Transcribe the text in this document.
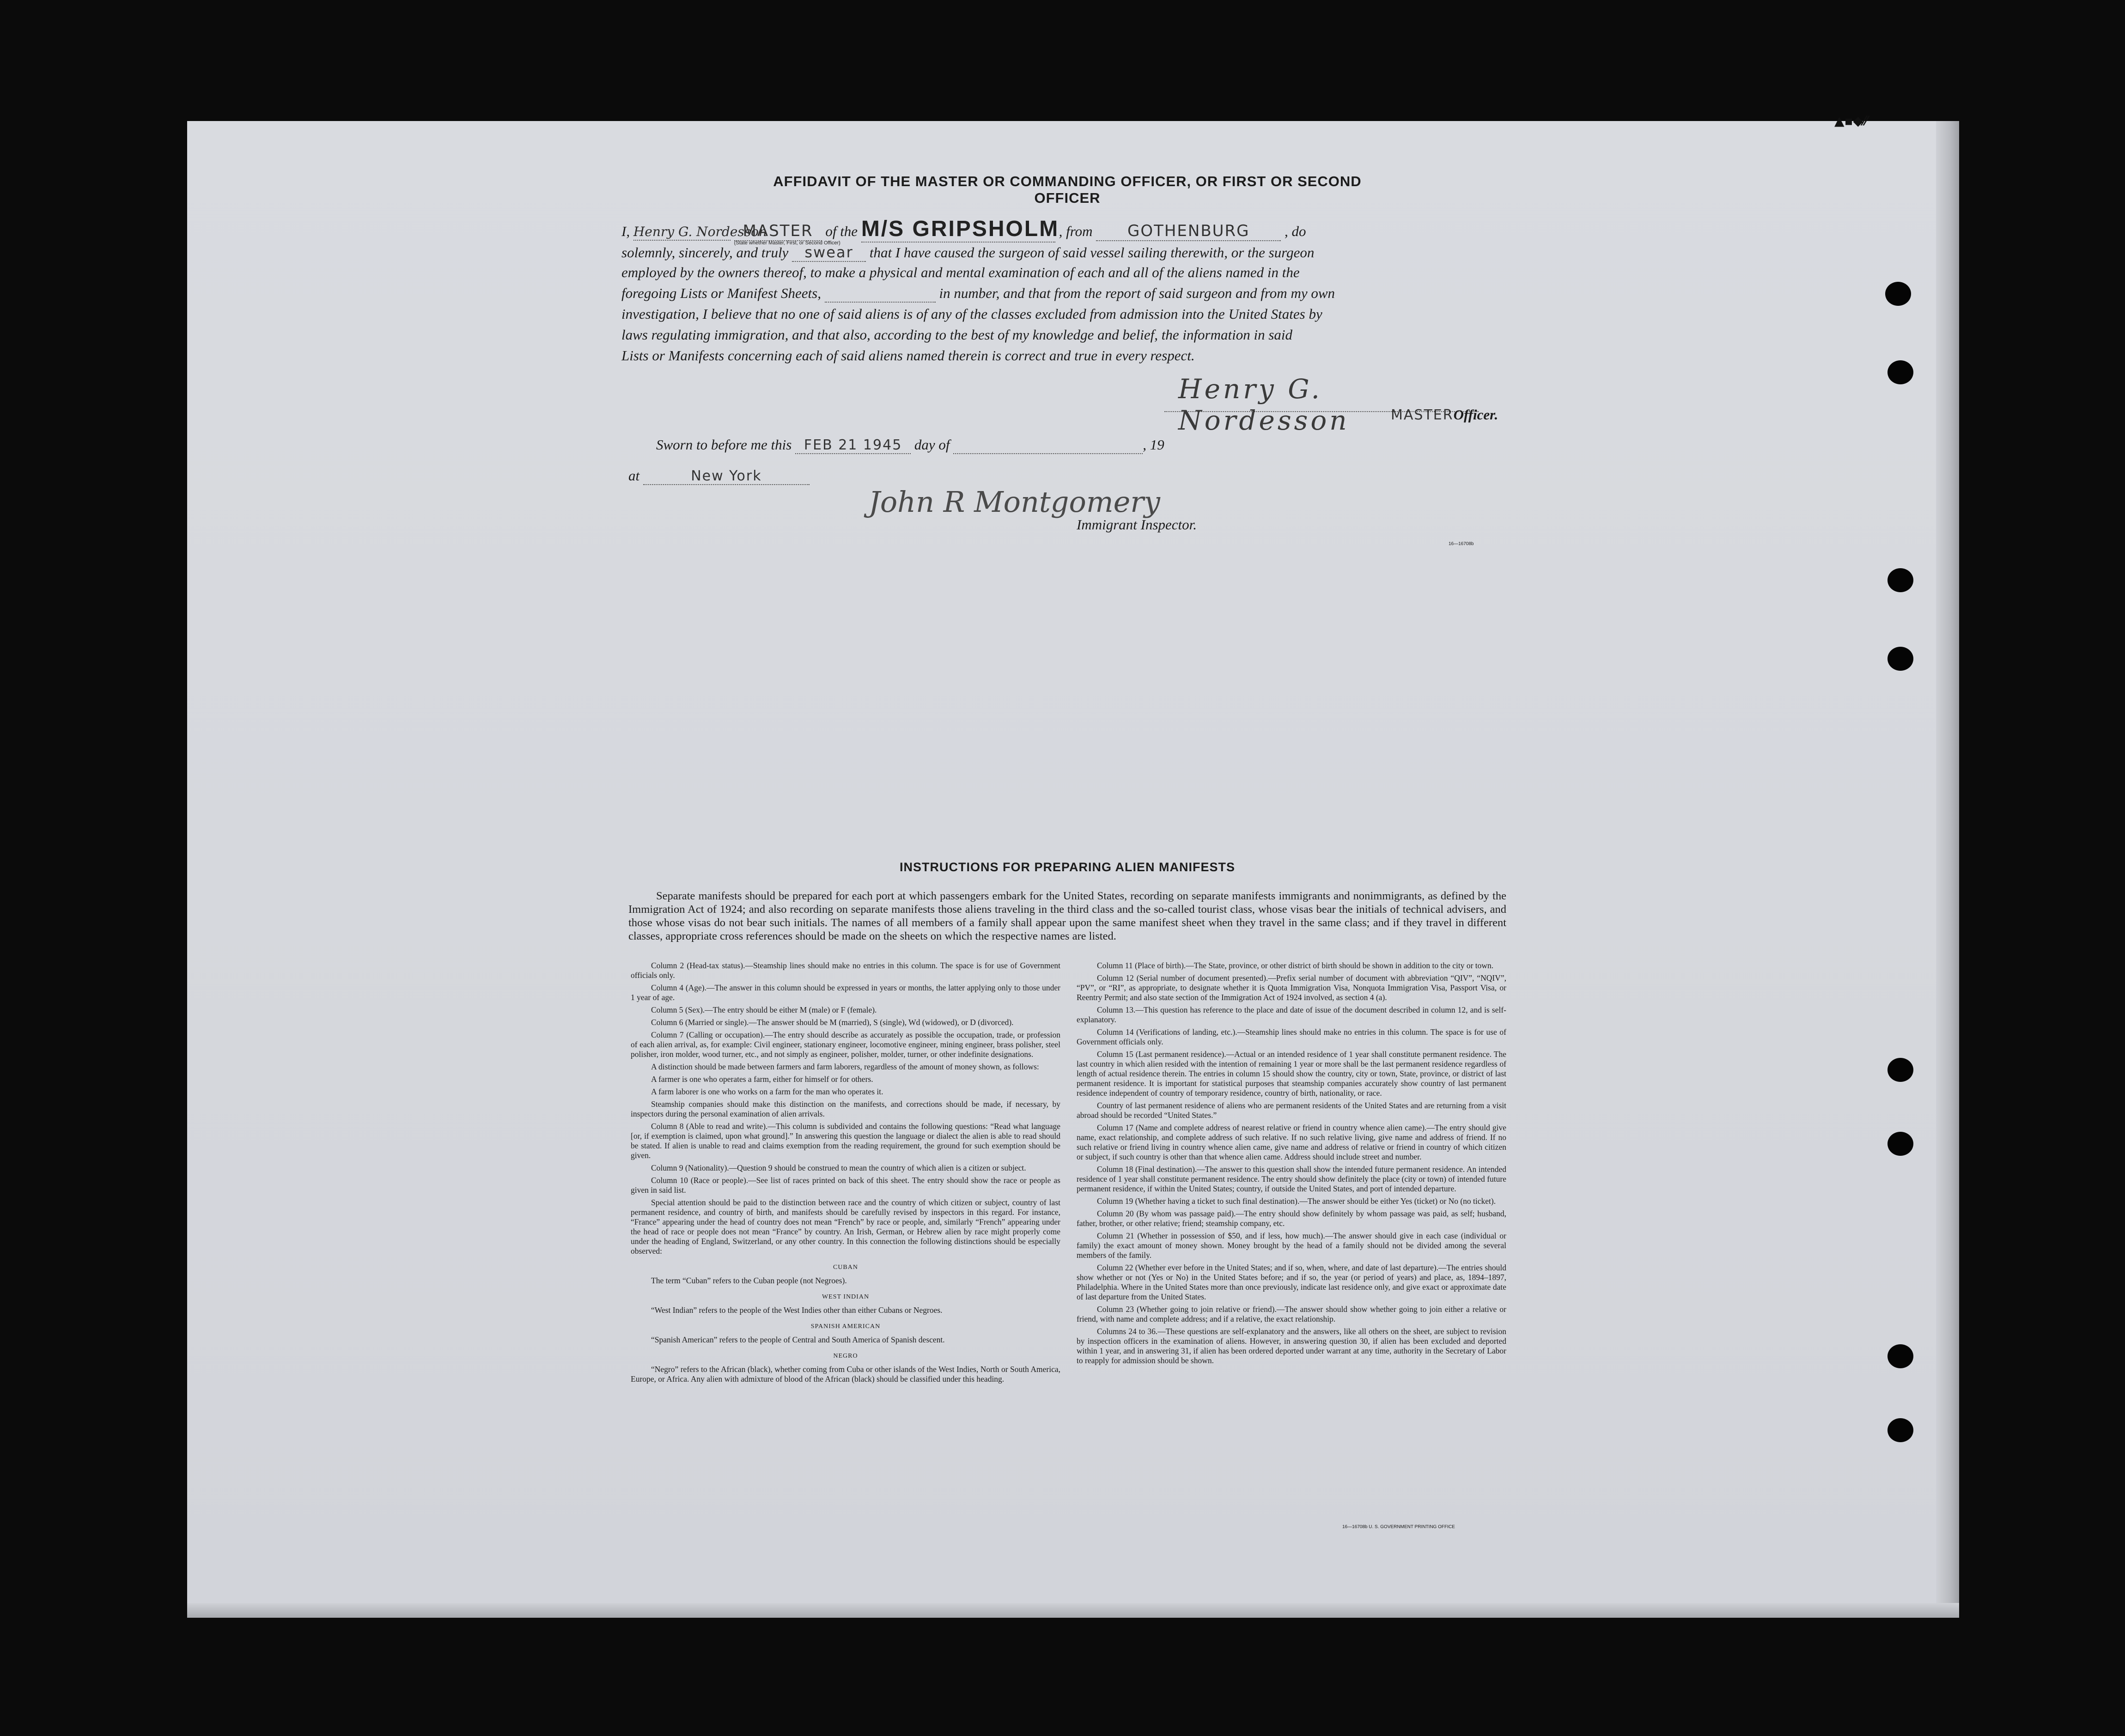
▲▪◆⁄⁄
AFFIDAVIT OF THE MASTER OR COMMANDING OFFICER, OR FIRST OR SECOND OFFICER
I, Henry G. Nordesson MASTER
(State whether Master, First, or Second Officer)
of the M/S GRIPSHOLM , from GOTHENBURG , do
solemnly, sincerely, and truly swear that I have caused the surgeon of said vessel sailing therewith, or the surgeon
employed by the owners thereof, to make a physical and mental examination of each and all of the aliens named in the
foregoing Lists or Manifest Sheets,	in number, and that from the report of said surgeon and from my own
investigation, I believe that no one of said aliens is of any of the classes excluded from admission into the United States by
laws regulating immigration, and that also, according to the best of my knowledge and belief, the information in said
Lists or Manifests concerning each of said aliens named therein is correct and true in every respect.
Henry G. Nordesson	MASTEROfficer.
Sworn to before me this FEB 21 1945 day of	, 19
at	New York
John R Montgomery
Immigrant Inspector.
16—16708b
INSTRUCTIONS FOR PREPARING ALIEN MANIFESTS
Separate manifests should be prepared for each port at which passengers embark for the United States, recording on separate manifests immigrants and nonimmigrants, as defined by the Immigration Act of 1924; and also recording on separate manifests those aliens traveling in the third class and the so-called tourist class, whose visas bear the initials of technical advisers, and those whose visas do not bear such initials. The names of all members of a family shall appear upon the same manifest sheet when they travel in the same class; and if they travel in different classes, appropriate cross references should be made on the sheets on which the respective names are listed.

Column 2 (Head-tax status).—Steamship lines should make no entries in this column. The space is for use of Government officials only.

Column 4 (Age).—The answer in this column should be expressed in years or months, the latter applying only to those under 1 year of age.

Column 5 (Sex).—The entry should be either M (male) or F (female).

Column 6 (Married or single).—The answer should be M (married), S (single), Wd (widowed), or D (divorced).

Column 7 (Calling or occupation).—The entry should describe as accurately as possible the occupation, trade, or profession of each alien arrival, as, for example: Civil engineer, stationary engineer, locomotive engineer, mining engineer, brass polisher, steel polisher, iron molder, wood turner, etc., and not simply as engineer, polisher, molder, turner, or other indefinite designations.

A distinction should be made between farmers and farm laborers, regardless of the amount of money shown, as follows:

A farmer is one who operates a farm, either for himself or for others.

A farm laborer is one who works on a farm for the man who operates it.

Steamship companies should make this distinction on the manifests, and corrections should be made, if necessary, by inspectors during the personal examination of alien arrivals.

Column 8 (Able to read and write).—This column is subdivided and contains the following questions: “Read what language [or, if exemption is claimed, upon what ground].” In answering this question the language or dialect the alien is able to read should be stated. If alien is unable to read and claims exemption from the reading requirement, the ground for such exemption should be given.

Column 9 (Nationality).—Question 9 should be construed to mean the country of which alien is a citizen or subject.

Column 10 (Race or people).—See list of races printed on back of this sheet. The entry should show the race or people as given in said list.

Special attention should be paid to the distinction between race and the country of which citizen or subject, country of last permanent residence, and country of birth, and manifests should be carefully revised by inspectors in this regard. For instance, “France” appearing under the head of country does not mean “French” by race or people, and, similarly “French” appearing under the head of race or people does not mean “France” by country. An Irish, German, or Hebrew alien by race might properly come under the heading of England, Switzerland, or any other country. In this connection the following distinctions should be especially observed:

CUBAN

The term “Cuban” refers to the Cuban people (not Negroes).

WEST INDIAN

“West Indian” refers to the people of the West Indies other than either Cubans or Negroes.

SPANISH AMERICAN

“Spanish American” refers to the people of Central and South America of Spanish descent.

NEGRO

“Negro” refers to the African (black), whether coming from Cuba or other islands of the West Indies, North or South America, Europe, or Africa. Any alien with admixture of blood of the African (black) should be classified under this heading.

Column 11 (Place of birth).—The State, province, or other district of birth should be shown in addition to the city or town.

Column 12 (Serial number of document presented).—Prefix serial number of document with abbreviation “QIV”, “NQIV”, “PV”, or “RI”, as appropriate, to designate whether it is Quota Immigration Visa, Nonquota Immigration Visa, Passport Visa, or Reentry Permit; and also state section of the Immigration Act of 1924 involved, as section 4 (a).

Column 13.—This question has reference to the place and date of issue of the document described in column 12, and is self-explanatory.

Column 14 (Verifications of landing, etc.).—Steamship lines should make no entries in this column. The space is for use of Government officials only.

Column 15 (Last permanent residence).—Actual or an intended residence of 1 year shall constitute permanent residence. The last country in which alien resided with the intention of remaining 1 year or more shall be the last permanent residence regardless of length of actual residence therein. The entries in column 15 should show the country, city or town, State, province, or district of last permanent residence. It is important for statistical purposes that steamship companies accurately show country of last permanent residence independent of country of temporary residence, country of birth, nationality, or race.

Country of last permanent residence of aliens who are permanent residents of the United States and are returning from a visit abroad should be recorded “United States.”

Column 17 (Name and complete address of nearest relative or friend in country whence alien came).—The entry should give name, exact relationship, and complete address of such relative. If no such relative living, give name and address of friend. If no such relative or friend living in country whence alien came, give name and address of relative or friend in country of which citizen or subject, if such country is other than that whence alien came. Address should include street and number.

Column 18 (Final destination).—The answer to this question shall show the intended future permanent residence. An intended residence of 1 year shall constitute permanent residence. The entry should show definitely the place (city or town) of intended future permanent residence, if within the United States; country, if outside the United States, and port of intended departure.

Column 19 (Whether having a ticket to such final destination).—The answer should be either Yes (ticket) or No (no ticket).

Column 20 (By whom was passage paid).—The entry should show definitely by whom passage was paid, as self; husband, father, brother, or other relative; friend; steamship company, etc.

Column 21 (Whether in possession of $50, and if less, how much).—The answer should give in each case (individual or family) the exact amount of money shown. Money brought by the head of a family should not be divided among the several members of the family.

Column 22 (Whether ever before in the United States; and if so, when, where, and date of last departure).—The entries should show whether or not (Yes or No) in the United States before; and if so, the year (or period of years) and place, as, 1894–1897, Philadelphia. Where in the United States more than once previously, indicate last residence only, and give exact or approximate date of last departure from the United States.

Column 23 (Whether going to join relative or friend).—The answer should show whether going to join either a relative or friend, with name and complete address; and if a relative, the exact relationship.

Columns 24 to 36.—These questions are self-explanatory and the answers, like all others on the sheet, are subject to revision by inspection officers in the examination of aliens. However, in answering question 30, if alien has been excluded and deported within 1 year, and in answering 31, if alien has been ordered deported under warrant at any time, authority in the Secretary of Labor to reapply for admission should be shown.

16—16708b U. S. GOVERNMENT PRINTING OFFICE
